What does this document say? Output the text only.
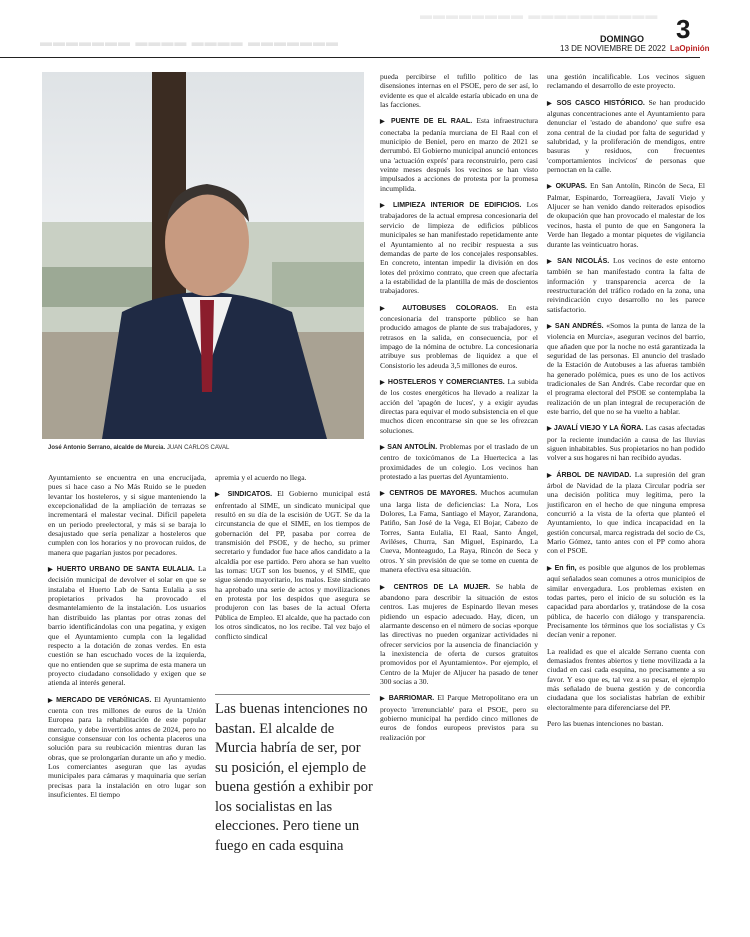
▬▬▬▬▬▬▬ ▬▬▬▬ ▬▬▬▬ ▬▬▬▬▬▬▬
▬▬▬▬▬▬▬▬ ▬▬▬▬▬▬▬▬▬▬
DOMINGO
13 DE NOVIEMBRE DE 2022 LaOpinión
3
José Antonio Serrano, alcalde de Murcia. JUAN CARLOS CAVAL

Ayuntamiento se encuentra en una encrucijada, pues si hace caso a No Más Ruido se le pueden levantar los hosteleros, y si sigue manteniendo la excepcionalidad de la ampliación de terrazas se incrementará el malestar vecinal. Difícil papeleta en un periodo preelectoral, y más si se baraja lo desajustado que sería penalizar a hosteleros que cumplen con los horarios y no provocan ruidos, de manera que pagarían justos por pecadores.

▶ HUERTO URBANO DE SANTA EULALIA. La decisión municipal de devolver el solar en que se instalaba el Huerto Lab de Santa Eulalia a sus propietarios privados ha provocado el desmantelamiento de la instalación. Los usuarios han distribuido las plantas por otras zonas del barrio identificándolas con una pegatina, y exigen que el Ayuntamiento cumpla con la legalidad respecto a la dotación de zonas verdes. En esta cuestión se han escuchado voces de la izquierda, que no entienden que se suprima de esta manera un proyecto ciudadano consolidado y exigen que se atienda al interés general.

▶ MERCADO DE VERÓNICAS. El Ayuntamiento cuenta con tres millones de euros de la Unión Europea para la rehabilitación de este popular mercado, y debe invertirlos antes de 2024, pero no consigue consensuar con los ochenta placeros una solución para su reubicación mientras duran las obras, que se prolongarían durante un año y medio. Los comerciantes aseguran que las ayudas municipales para cámaras y maquinaria que serían precisas para la instalación en otro lugar son insuficientes. El tiempo

apremia y el acuerdo no llega.

▶ SINDICATOS. El Gobierno municipal está enfrentado al SIME, un sindicato municipal que resultó en su día de la escisión de UGT. Se da la circunstancia de que el SIME, en los tiempos de gobernación del PP, pasaba por correa de transmisión del PSOE, y de hecho, su primer secretario y fundador fue hace años candidato a la alcaldía por ese partido. Pero ahora se han vuelto las tornas: UGT son los buenos, y el SIME, que sigue siendo mayoritario, los malos. Este sindicato ha aprobado una serie de actos y movilizaciones en protesta por los despidos que asegura se produjeron con las bases de la actual Oferta Pública de Empleo. El alcalde, que ha pactado con los otros sindicatos, no los recibe. Tal vez bajo el conflicto sindical

Las buenas intenciones no bastan. El alcalde de Murcia habría de ser, por su posición, el ejemplo de buena gestión a exhibir por los socialistas en las elecciones. Pero tiene un fuego en cada esquina

pueda percibirse el tufillo político de las disensiones internas en el PSOE, pero de ser así, lo evidente es que el alcalde estaría ubicado en una de las facciones.

▶ PUENTE DE EL RAAL. Esta infraestructura conectaba la pedanía murciana de El Raal con el municipio de Beniel, pero en marzo de 2021 se derrumbó. El Gobierno municipal anunció entonces una 'actuación exprés' para reconstruirlo, pero casi veinte meses después los vecinos se han visto impulsados a acciones de protesta por la promesa incumplida.

▶ LIMPIEZA INTERIOR DE EDIFICIOS. Los trabajadores de la actual empresa concesionaria del servicio de limpieza de edificios públicos municipales se han manifestado repetidamente ante el Ayuntamiento al no recibir respuesta a sus demandas de parte de los concejales responsables. En concreto, intentan impedir la división en dos lotes del próximo contrato, que creen que afectaría a la estabilidad de la plantilla de más de doscientos trabajadores.

▶ AUTOBUSES COLORAOS. En esta concesionaria del transporte público se han producido amagos de plante de sus trabajadores, y retrasos en la salida, en consecuencia, por el impago de la nómina de octubre. La concesionaria atribuye sus problemas de liquidez a que el Consistorio les adeuda 3,5 millones de euros.

▶ HOSTELEROS Y COMERCIANTES. La subida de los costes energéticos ha llevado a realizar la acción del 'apagón de luces', y a exigir ayudas directas para equivar el modo subsistencia en el que muchos dicen encontrarse sin que se les ofrezcan soluciones.

▶ SAN ANTOLÍN. Problemas por el traslado de un centro de toxicómanos de La Huertecica a las proximidades de un colegio. Los vecinos han protestado a las puertas del Ayuntamiento.

▶ CENTROS DE MAYORES. Muchos acumulan una larga lista de deficiencias: La Nora, Los Dolores, La Fama, Santiago el Mayor, Zarandona, Patiño, San José de la Vega, El Bojar, Cabezo de Torres, Santa Eulalia, El Raal, Santo Ángel, Aviléses, Churra, San Miguel, Espinardo, La Cueva, Monteagudo, La Raya, Rincón de Seca y otros. Y sin previsión de que se tome en cuenta de manera efectiva esa situación.

▶ CENTROS DE LA MUJER. Se habla de abandono para describir la situación de estos centros. Las mujeres de Espinardo llevan meses pidiendo un espacio adecuado. Hay, dicen, un alarmante descenso en el número de socias «porque las directivas no pueden organizar actividades ni ofrecer servicios por la ausencia de financiación y la inexistencia de oferta de cursos gratuitos promovidos por el Ayuntamiento». Por ejemplo, el Centro de la Mujer de Aljucer ha pasado de tener 300 socias a 30.

▶ BARRIOMAR. El Parque Metropolitano era un proyecto 'irrenunciable' para el PSOE, pero su gobierno municipal ha perdido cinco millones de euros de fondos europeos previstos para su realización por

una gestión incalificable. Los vecinos siguen reclamando el desarrollo de este proyecto.

▶ SOS CASCO HISTÓRICO. Se han producido algunas concentraciones ante el Ayuntamiento para denunciar el 'estado de abandono' que sufre esa zona central de la ciudad por falta de seguridad y salubridad, y la proliferación de mendigos, entre basuras y residuos, con frecuentes 'comportamientos incívicos' de personas que pernoctan en la calle.

▶ OKUPAS. En San Antolín, Rincón de Seca, El Palmar, Espinardo, Torreagüera, Javalí Viejo y Aljucer se han venido dando reiterados episodios de okupación que han provocado el malestar de los vecinos, hasta el punto de que en Sangonera la Verde han llegado a montar piquetes de vigilancia durante las veinticuatro horas.

▶ SAN NICOLÁS. Los vecinos de este entorno también se han manifestado contra la falta de información y transparencia acerca de la reestructuración del tráfico rodado en la zona, una reivindicación cuyo desarrollo no les parece satisfactorio.

▶ SAN ANDRÉS. «Somos la punta de lanza de la violencia en Murcia», aseguran vecinos del barrio, que añaden que por la noche no está garantizada la seguridad de las personas. El anuncio del traslado de la Estación de Autobuses a las afueras también ha generado polémica, pues es uno de los activos tradicionales de San Andrés. Cabe recordar que en el programa electoral del PSOE se contemplaba la realización de un plan integral de recuperación de este barrio, del que no se ha vuelto a hablar.

▶ JAVALÍ VIEJO Y LA ÑORA. Las casas afectadas por la reciente inundación a causa de las lluvias siguen inhabitables. Sus propietarios no han podido volver a sus hogares ni han recibido ayudas.

▶ ÁRBOL DE NAVIDAD. La supresión del gran árbol de Navidad de la plaza Circular podría ser una decisión política muy legítima, pero la justificaron en el hecho de que ninguna empresa concurrió a la vista de la oferta que planteó el Ayuntamiento, lo que indica incapacidad en la gestión concursal, marca registrada del socio de Cs, Mario Gómez, tanto antes con el PP como ahora con el PSOE.

▶ En fin, es posible que algunos de los problemas aquí señalados sean comunes a otros municipios de similar envergadura. Los problemas existen en todas partes, pero el inicio de su solución es la capacidad para abordarlos y, tratándose de la cosa pública, de hacerlo con diálogo y transparencia. Precisamente los términos que los socialistas y Cs decían venir a reponer.

La realidad es que el alcalde Serrano cuenta con demasiados frentes abiertos y tiene movilizada a la ciudad en casi cada esquina, no precisamente a su favor. Y eso que es, tal vez a su pesar, el ejemplo más señalado de buena gestión y de concordia ciudadana que los socialistas habrían de exhibir electoralmente para diferenciarse del PP.

Pero las buenas intenciones no bastan.
